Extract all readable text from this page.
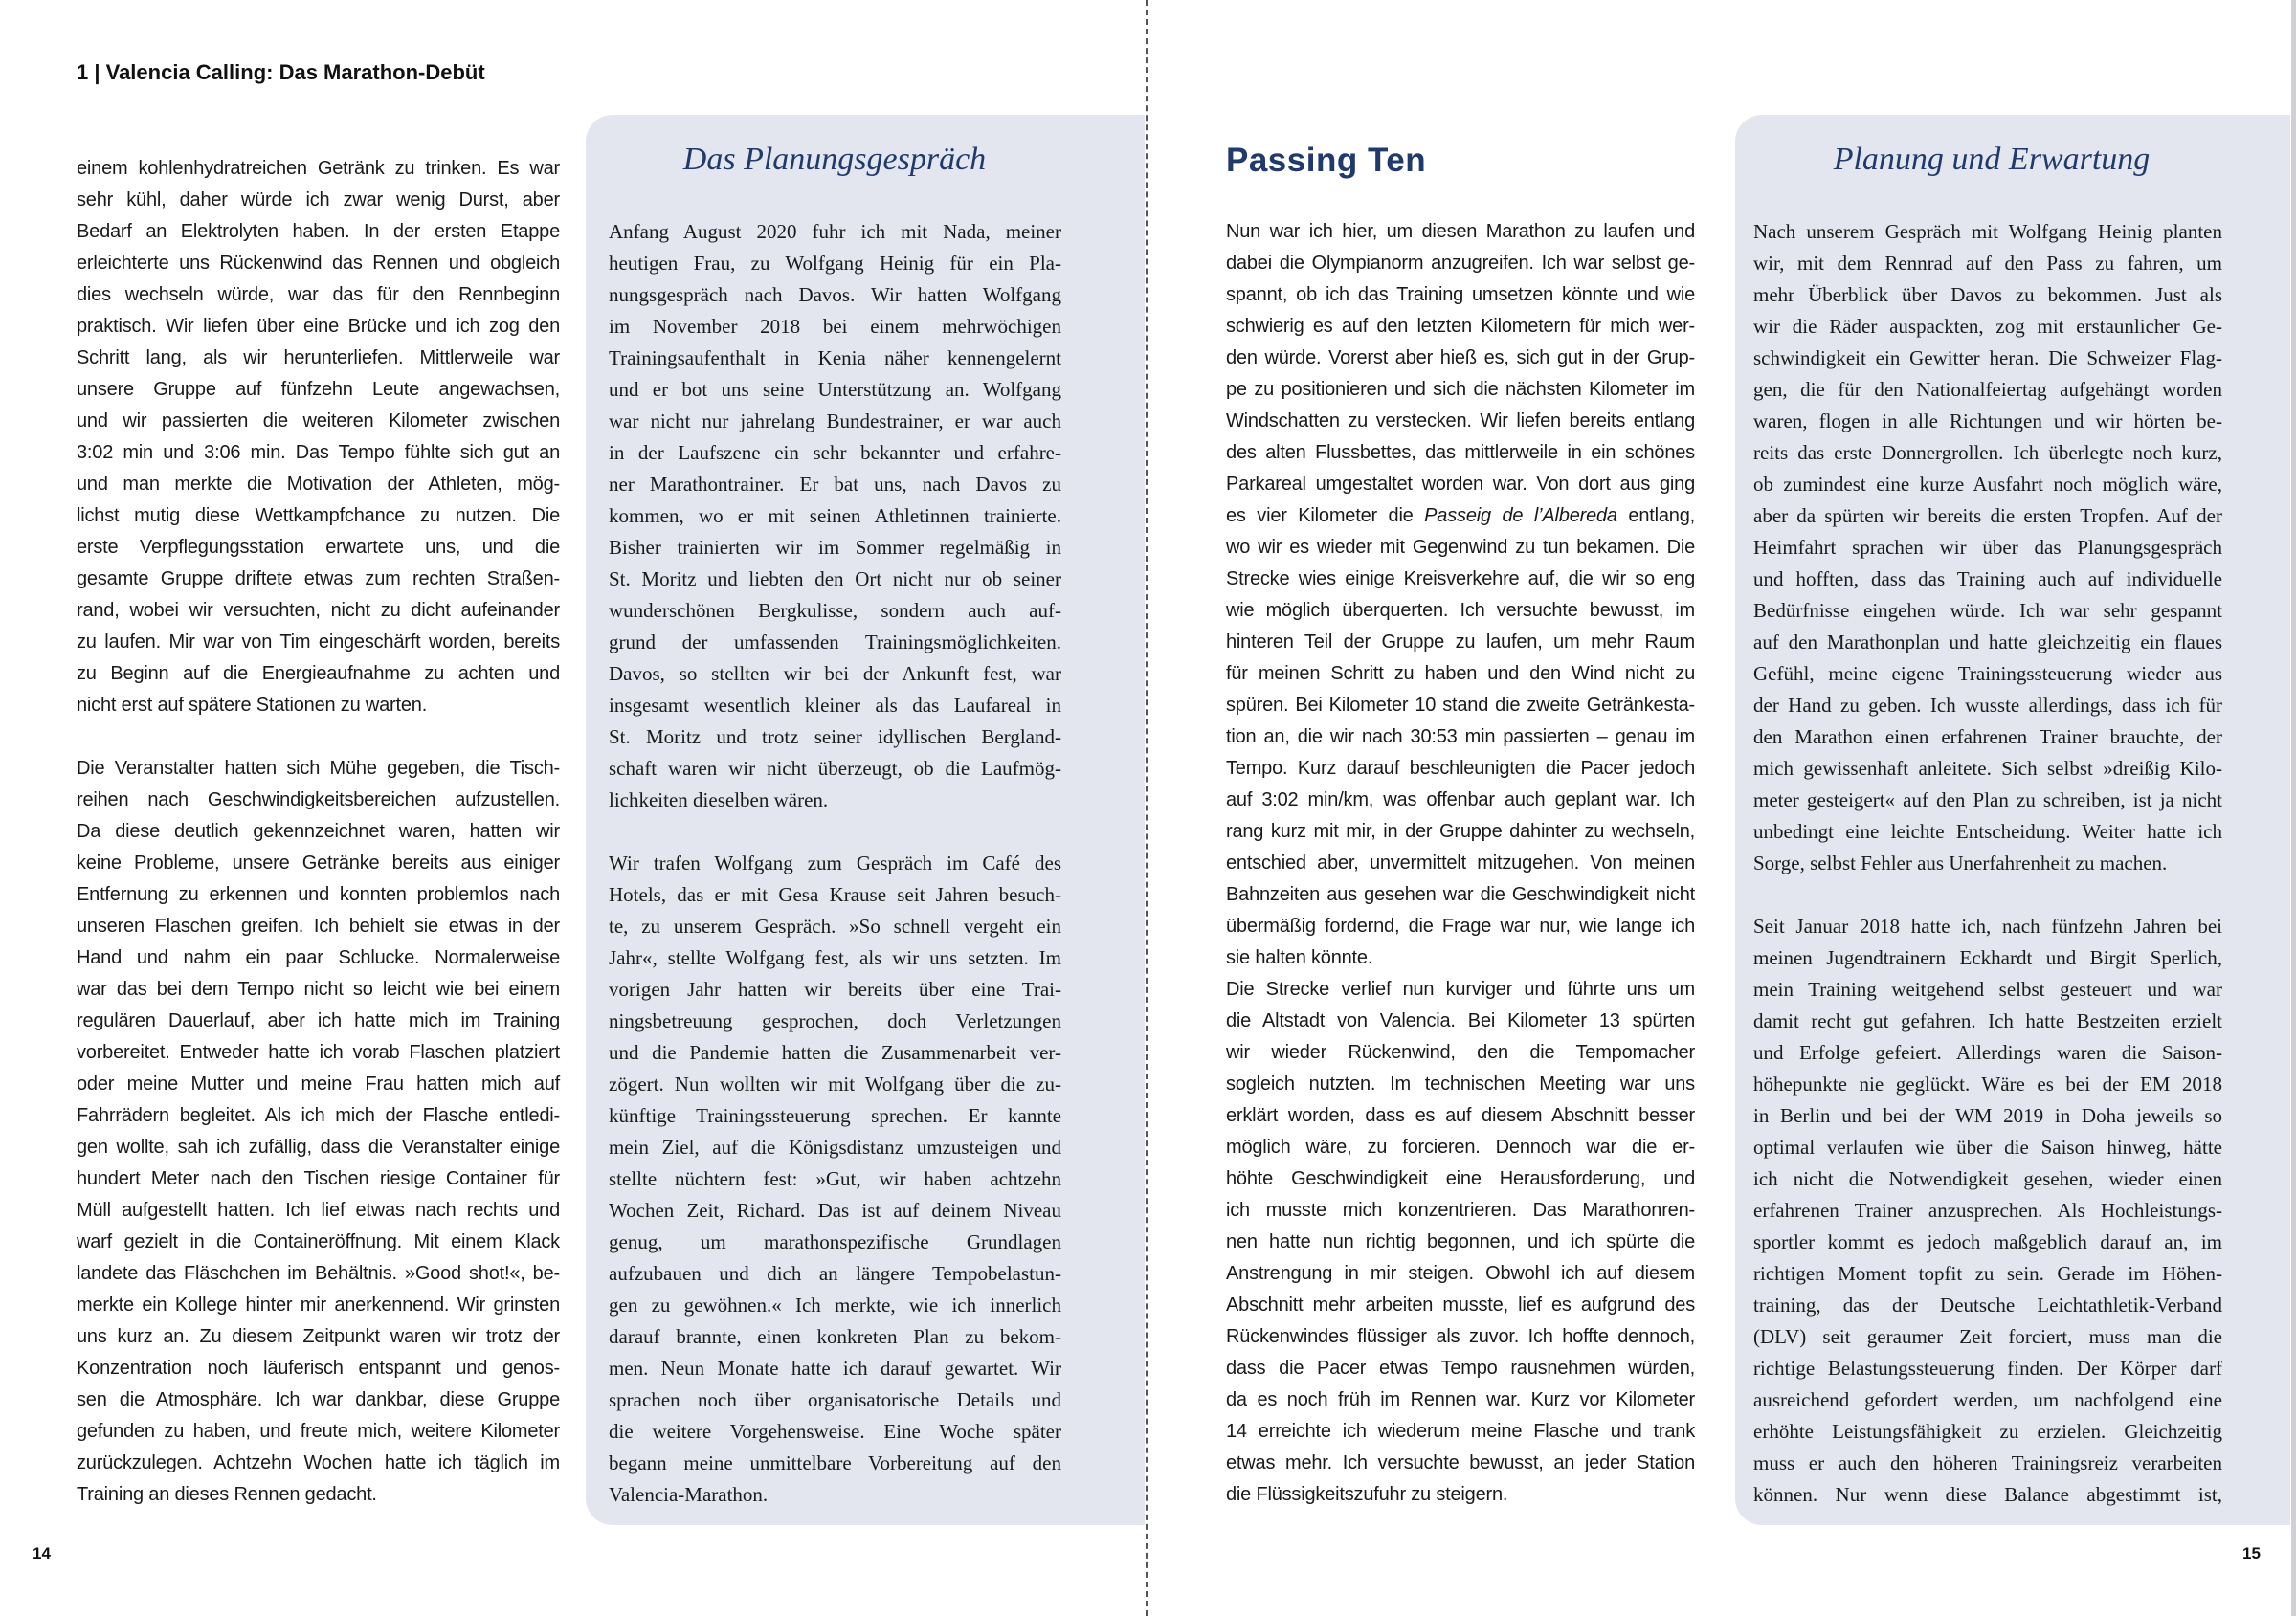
1 | Valencia Calling: Das Marathon-Debüt
einem kohlenhydratreichen Getränk zu trinken. Es war
sehr kühl, daher würde ich zwar wenig Durst, aber
Bedarf an Elektrolyten haben. In der ersten Etappe
erleichterte uns Rückenwind das Rennen und obgleich
dies wechseln würde, war das für den Rennbeginn
praktisch. Wir liefen über eine Brücke und ich zog den
Schritt lang, als wir herunterliefen. Mittlerweile war
unsere Gruppe auf fünfzehn Leute angewachsen,
und wir passierten die weiteren Kilometer zwischen
3:02 min und 3:06 min. Das Tempo fühlte sich gut an
und man merkte die Motivation der Athleten, mög-
lichst mutig diese Wettkampfchance zu nutzen. Die
erste Verpflegungsstation erwartete uns, und die
gesamte Gruppe driftete etwas zum rechten Straßen-
rand, wobei wir versuchten, nicht zu dicht aufeinander
zu laufen. Mir war von Tim eingeschärft worden, bereits
zu Beginn auf die Energieaufnahme zu achten und
nicht erst auf spätere Stationen zu warten.
Die Veranstalter hatten sich Mühe gegeben, die Tisch-
reihen nach Geschwindigkeitsbereichen aufzustellen.
Da diese deutlich gekennzeichnet waren, hatten wir
keine Probleme, unsere Getränke bereits aus einiger
Entfernung zu erkennen und konnten problemlos nach
unseren Flaschen greifen. Ich behielt sie etwas in der
Hand und nahm ein paar Schlucke. Normalerweise
war das bei dem Tempo nicht so leicht wie bei einem
regulären Dauerlauf, aber ich hatte mich im Training
vorbereitet. Entweder hatte ich vorab Flaschen platziert
oder meine Mutter und meine Frau hatten mich auf
Fahrrädern begleitet. Als ich mich der Flasche entledi-
gen wollte, sah ich zufällig, dass die Veranstalter einige
hundert Meter nach den Tischen riesige Container für
Müll aufgestellt hatten. Ich lief etwas nach rechts und
warf gezielt in die Containeröffnung. Mit einem Klack
landete das Fläschchen im Behältnis. »Good shot!«, be-
merkte ein Kollege hinter mir anerkennend. Wir grinsten
uns kurz an. Zu diesem Zeitpunkt waren wir trotz der
Konzentration noch läuferisch entspannt und genos-
sen die Atmosphäre. Ich war dankbar, diese Gruppe
gefunden zu haben, und freute mich, weitere Kilometer
zurückzulegen. Achtzehn Wochen hatte ich täglich im
Training an dieses Rennen gedacht.
Das Planungsgespräch
Anfang August 2020 fuhr ich mit Nada, meiner
heutigen Frau, zu Wolfgang Heinig für ein Pla-
nungsgespräch nach Davos. Wir hatten Wolfgang
im November 2018 bei einem mehrwöchigen
Trainingsaufenthalt in Kenia näher kennengelernt
und er bot uns seine Unterstützung an. Wolfgang
war nicht nur jahrelang Bundestrainer, er war auch
in der Laufszene ein sehr bekannter und erfahre-
ner Marathontrainer. Er bat uns, nach Davos zu
kommen, wo er mit seinen Athletinnen trainierte.
Bisher trainierten wir im Sommer regelmäßig in
St. Moritz und liebten den Ort nicht nur ob seiner
wunderschönen Bergkulisse, sondern auch auf-
grund der umfassenden Trainingsmöglichkeiten.
Davos, so stellten wir bei der Ankunft fest, war
insgesamt wesentlich kleiner als das Laufareal in
St. Moritz und trotz seiner idyllischen Bergland-
schaft waren wir nicht überzeugt, ob die Laufmög-
lichkeiten dieselben wären.
Wir trafen Wolfgang zum Gespräch im Café des
Hotels, das er mit Gesa Krause seit Jahren besuch-
te, zu unserem Gespräch. »So schnell vergeht ein
Jahr«, stellte Wolfgang fest, als wir uns setzten. Im
vorigen Jahr hatten wir bereits über eine Trai-
ningsbetreuung gesprochen, doch Verletzungen
und die Pandemie hatten die Zusammenarbeit ver-
zögert. Nun wollten wir mit Wolfgang über die zu-
künftige Trainingssteuerung sprechen. Er kannte
mein Ziel, auf die Königsdistanz umzusteigen und
stellte nüchtern fest: »Gut, wir haben achtzehn
Wochen Zeit, Richard. Das ist auf deinem Niveau
genug, um marathonspezifische Grundlagen
aufzubauen und dich an längere Tempobelastun-
gen zu gewöhnen.« Ich merkte, wie ich innerlich
darauf brannte, einen konkreten Plan zu bekom-
men. Neun Monate hatte ich darauf gewartet. Wir
sprachen noch über organisatorische Details und
die weitere Vorgehensweise. Eine Woche später
begann meine unmittelbare Vorbereitung auf den
Valencia-Marathon.
Passing Ten
Nun war ich hier, um diesen Marathon zu laufen und
dabei die Olympianorm anzugreifen. Ich war selbst ge-
spannt, ob ich das Training umsetzen könnte und wie
schwierig es auf den letzten Kilometern für mich wer-
den würde. Vorerst aber hieß es, sich gut in der Grup-
pe zu positionieren und sich die nächsten Kilometer im
Windschatten zu verstecken. Wir liefen bereits entlang
des alten Flussbettes, das mittlerweile in ein schönes
Parkareal umgestaltet worden war. Von dort aus ging
es vier Kilometer die Passeig de l’Albereda entlang,
wo wir es wieder mit Gegenwind zu tun bekamen. Die
Strecke wies einige Kreisverkehre auf, die wir so eng
wie möglich überquerten. Ich versuchte bewusst, im
hinteren Teil der Gruppe zu laufen, um mehr Raum
für meinen Schritt zu haben und den Wind nicht zu
spüren. Bei Kilometer 10 stand die zweite Getränkesta-
tion an, die wir nach 30:53 min passierten – genau im
Tempo. Kurz darauf beschleunigten die Pacer jedoch
auf 3:02 min/km, was offenbar auch geplant war. Ich
rang kurz mit mir, in der Gruppe dahinter zu wechseln,
entschied aber, unvermittelt mitzugehen. Von meinen
Bahnzeiten aus gesehen war die Geschwindigkeit nicht
übermäßig fordernd, die Frage war nur, wie lange ich
sie halten könnte.
Die Strecke verlief nun kurviger und führte uns um
die Altstadt von Valencia. Bei Kilometer 13 spürten
wir wieder Rückenwind, den die Tempomacher
sogleich nutzten. Im technischen Meeting war uns
erklärt worden, dass es auf diesem Abschnitt besser
möglich wäre, zu forcieren. Dennoch war die er-
höhte Geschwindigkeit eine Herausforderung, und
ich musste mich konzentrieren. Das Marathonren-
nen hatte nun richtig begonnen, und ich spürte die
Anstrengung in mir steigen. Obwohl ich auf diesem
Abschnitt mehr arbeiten musste, lief es aufgrund des
Rückenwindes flüssiger als zuvor. Ich hoffte dennoch,
dass die Pacer etwas Tempo rausnehmen würden,
da es noch früh im Rennen war. Kurz vor Kilometer
14 erreichte ich wiederum meine Flasche und trank
etwas mehr. Ich versuchte bewusst, an jeder Station
die Flüssigkeitszufuhr zu steigern.
Planung und Erwartung
Nach unserem Gespräch mit Wolfgang Heinig planten
wir, mit dem Rennrad auf den Pass zu fahren, um
mehr Überblick über Davos zu bekommen. Just als
wir die Räder auspackten, zog mit erstaunlicher Ge-
schwindigkeit ein Gewitter heran. Die Schweizer Flag-
gen, die für den Nationalfeiertag aufgehängt worden
waren, flogen in alle Richtungen und wir hörten be-
reits das erste Donnergrollen. Ich überlegte noch kurz,
ob zumindest eine kurze Ausfahrt noch möglich wäre,
aber da spürten wir bereits die ersten Tropfen. Auf der
Heimfahrt sprachen wir über das Planungsgespräch
und hofften, dass das Training auch auf individuelle
Bedürfnisse eingehen würde. Ich war sehr gespannt
auf den Marathonplan und hatte gleichzeitig ein flaues
Gefühl, meine eigene Trainingssteuerung wieder aus
der Hand zu geben. Ich wusste allerdings, dass ich für
den Marathon einen erfahrenen Trainer brauchte, der
mich gewissenhaft anleitete. Sich selbst »dreißig Kilo-
meter gesteigert« auf den Plan zu schreiben, ist ja nicht
unbedingt eine leichte Entscheidung. Weiter hatte ich
Sorge, selbst Fehler aus Unerfahrenheit zu machen.
Seit Januar 2018 hatte ich, nach fünfzehn Jahren bei
meinen Jugendtrainern Eckhardt und Birgit Sperlich,
mein Training weitgehend selbst gesteuert und war
damit recht gut gefahren. Ich hatte Bestzeiten erzielt
und Erfolge gefeiert. Allerdings waren die Saison-
höhepunkte nie geglückt. Wäre es bei der EM 2018
in Berlin und bei der WM 2019 in Doha jeweils so
optimal verlaufen wie über die Saison hinweg, hätte
ich nicht die Notwendigkeit gesehen, wieder einen
erfahrenen Trainer anzusprechen. Als Hochleistungs-
sportler kommt es jedoch maßgeblich darauf an, im
richtigen Moment topfit zu sein. Gerade im Höhen-
training, das der Deutsche Leichtathletik-Verband
(DLV) seit geraumer Zeit forciert, muss man die
richtige Belastungssteuerung finden. Der Körper darf
ausreichend gefordert werden, um nachfolgend eine
erhöhte Leistungsfähigkeit zu erzielen. Gleichzeitig
muss er auch den höheren Trainingsreiz verarbeiten
können. Nur wenn diese Balance abgestimmt ist,
14	15
